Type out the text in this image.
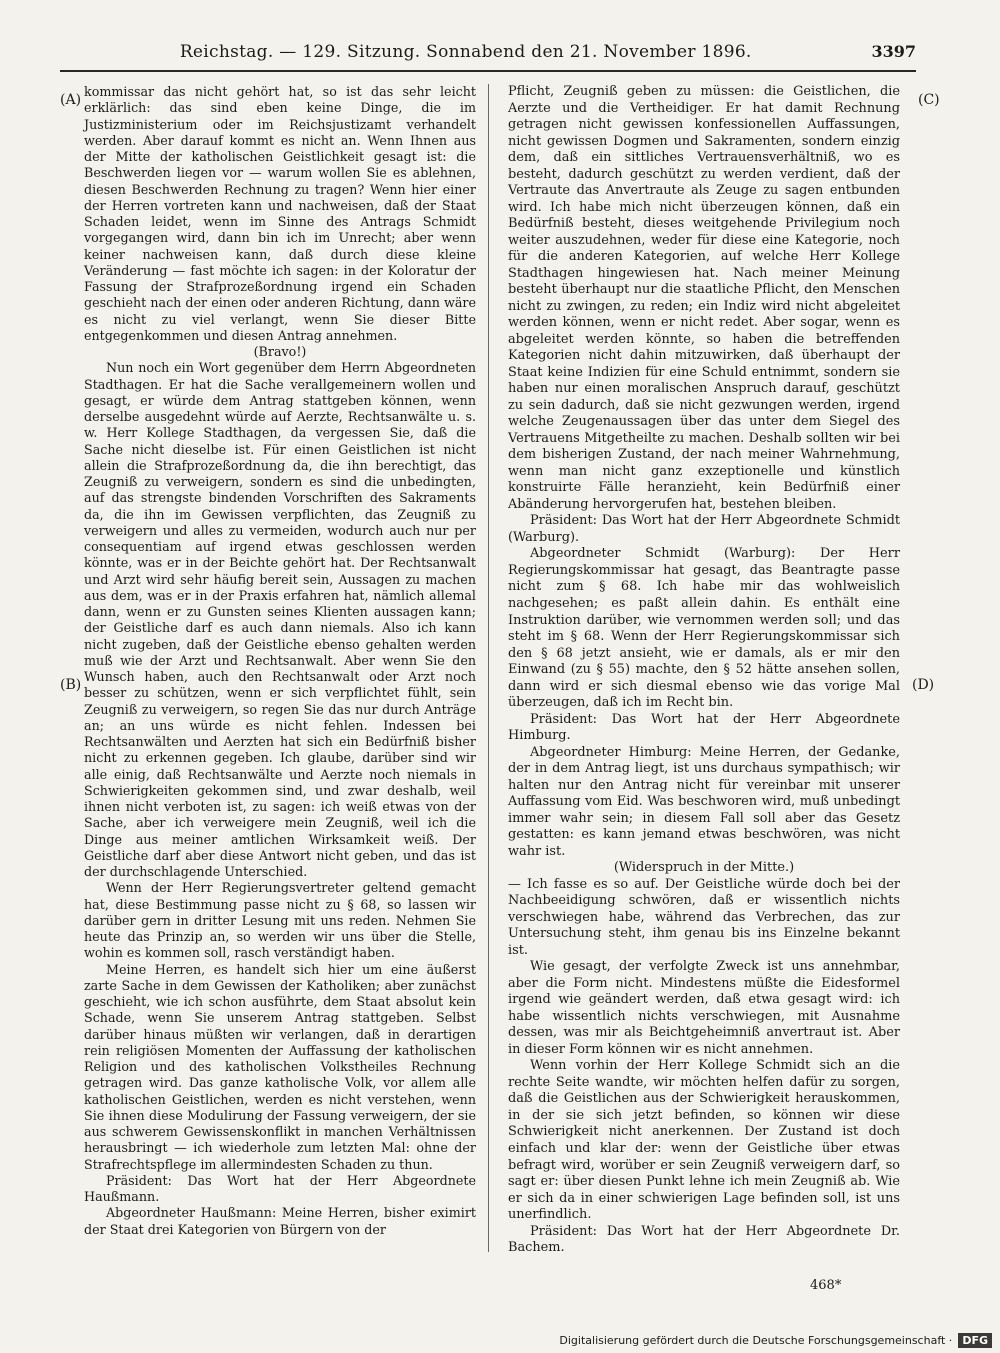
Reichstag. — 129. Sitzung. Sonnabend den 21. November 1896.	3397
(A)
(B)
(C)
(D)

kommissar das nicht gehört hat, so ist das sehr leicht erklärlich: das sind eben keine Dinge, die im Justizministerium oder im Reichsjustizamt verhandelt werden. Aber darauf kommt es nicht an. Wenn Ihnen aus der Mitte der katholischen Geistlichkeit gesagt ist: die Beschwerden liegen vor — warum wollen Sie es ablehnen, diesen Beschwerden Rechnung zu tragen? Wenn hier einer der Herren vortreten kann und nachweisen, daß der Staat Schaden leidet, wenn im Sinne des Antrags Schmidt vorgegangen wird, dann bin ich im Unrecht; aber wenn keiner nachweisen kann, daß durch diese kleine Veränderung — fast möchte ich sagen: in der Koloratur der Fassung der Strafprozeßordnung irgend ein Schaden geschieht nach der einen oder anderen Richtung, dann wäre es nicht zu viel verlangt, wenn Sie dieser Bitte entgegenkommen und diesen Antrag annehmen.

(Bravo!)

Nun noch ein Wort gegenüber dem Herrn Abgeordneten Stadthagen. Er hat die Sache verallgemeinern wollen und gesagt, er würde dem Antrag stattgeben können, wenn derselbe ausgedehnt würde auf Aerzte, Rechtsanwälte u. s. w. Herr Kollege Stadthagen, da vergessen Sie, daß die Sache nicht dieselbe ist. Für einen Geistlichen ist nicht allein die Strafprozeßordnung da, die ihn berechtigt, das Zeugniß zu verweigern, sondern es sind die unbedingten, auf das strengste bindenden Vorschriften des Sakraments da, die ihn im Gewissen verpflichten, das Zeugniß zu verweigern und alles zu vermeiden, wodurch auch nur per consequentiam auf irgend etwas geschlossen werden könnte, was er in der Beichte gehört hat. Der Rechtsanwalt und Arzt wird sehr häufig bereit sein, Aussagen zu machen aus dem, was er in der Praxis erfahren hat, nämlich allemal dann, wenn er zu Gunsten seines Klienten aussagen kann; der Geistliche darf es auch dann niemals. Also ich kann nicht zugeben, daß der Geistliche ebenso gehalten werden muß wie der Arzt und Rechtsanwalt. Aber wenn Sie den Wunsch haben, auch den Rechtsanwalt oder Arzt noch besser zu schützen, wenn er sich verpflichtet fühlt, sein Zeugniß zu verweigern, so regen Sie das nur durch Anträge an; an uns würde es nicht fehlen. Indessen bei Rechtsanwälten und Aerzten hat sich ein Bedürfniß bisher nicht zu erkennen gegeben. Ich glaube, darüber sind wir alle einig, daß Rechtsanwälte und Aerzte noch niemals in Schwierigkeiten gekommen sind, und zwar deshalb, weil ihnen nicht verboten ist, zu sagen: ich weiß etwas von der Sache, aber ich verweigere mein Zeugniß, weil ich die Dinge aus meiner amtlichen Wirksamkeit weiß. Der Geistliche darf aber diese Antwort nicht geben, und das ist der durchschlagende Unterschied.

Wenn der Herr Regierungsvertreter geltend gemacht hat, diese Bestimmung passe nicht zu § 68, so lassen wir darüber gern in dritter Lesung mit uns reden. Nehmen Sie heute das Prinzip an, so werden wir uns über die Stelle, wohin es kommen soll, rasch verständigt haben.

Meine Herren, es handelt sich hier um eine äußerst zarte Sache in dem Gewissen der Katholiken; aber zunächst geschieht, wie ich schon ausführte, dem Staat absolut kein Schade, wenn Sie unserem Antrag stattgeben. Selbst darüber hinaus müßten wir verlangen, daß in derartigen rein religiösen Momenten der Auffassung der katholischen Religion und des katholischen Volkstheiles Rechnung getragen wird. Das ganze katholische Volk, vor allem alle katholischen Geistlichen, werden es nicht verstehen, wenn Sie ihnen diese Modulirung der Fassung verweigern, der sie aus schwerem Gewissenskonflikt in manchen Verhältnissen herausbringt — ich wiederhole zum letzten Mal: ohne der Strafrechtspflege im allermindesten Schaden zu thun.

Präsident: Das Wort hat der Herr Abgeordnete Haußmann.

Abgeordneter Haußmann: Meine Herren, bisher eximirt der Staat drei Kategorien von Bürgern von der

Pflicht, Zeugniß geben zu müssen: die Geistlichen, die Aerzte und die Vertheidiger. Er hat damit Rechnung getragen nicht gewissen konfessionellen Auffassungen, nicht gewissen Dogmen und Sakramenten, sondern einzig dem, daß ein sittliches Vertrauensverhältniß, wo es besteht, dadurch geschützt zu werden verdient, daß der Vertraute das Anvertraute als Zeuge zu sagen entbunden wird. Ich habe mich nicht überzeugen können, daß ein Bedürfniß besteht, dieses weitgehende Privilegium noch weiter auszudehnen, weder für diese eine Kategorie, noch für die anderen Kategorien, auf welche Herr Kollege Stadthagen hingewiesen hat. Nach meiner Meinung besteht überhaupt nur die staatliche Pflicht, den Menschen nicht zu zwingen, zu reden; ein Indiz wird nicht abgeleitet werden können, wenn er nicht redet. Aber sogar, wenn es abgeleitet werden könnte, so haben die betreffenden Kategorien nicht dahin mitzuwirken, daß überhaupt der Staat keine Indizien für eine Schuld entnimmt, sondern sie haben nur einen moralischen Anspruch darauf, geschützt zu sein dadurch, daß sie nicht gezwungen werden, irgend welche Zeugenaussagen über das unter dem Siegel des Vertrauens Mitgetheilte zu machen. Deshalb sollten wir bei dem bisherigen Zustand, der nach meiner Wahrnehmung, wenn man nicht ganz exzeptionelle und künstlich konstruirte Fälle heranzieht, kein Bedürfniß einer Abänderung hervorgerufen hat, bestehen bleiben.

Präsident: Das Wort hat der Herr Abgeordnete Schmidt (Warburg).

Abgeordneter Schmidt (Warburg): Der Herr Regierungskommissar hat gesagt, das Beantragte passe nicht zum § 68. Ich habe mir das wohlweislich nachgesehen; es paßt allein dahin. Es enthält eine Instruktion darüber, wie vernommen werden soll; und das steht im § 68. Wenn der Herr Regierungskommissar sich den § 68 jetzt ansieht, wie er damals, als er mir den Einwand (zu § 55) machte, den § 52 hätte ansehen sollen, dann wird er sich diesmal ebenso wie das vorige Mal überzeugen, daß ich im Recht bin.

Präsident: Das Wort hat der Herr Abgeordnete Himburg.

Abgeordneter Himburg: Meine Herren, der Gedanke, der in dem Antrag liegt, ist uns durchaus sympathisch; wir halten nur den Antrag nicht für vereinbar mit unserer Auffassung vom Eid. Was beschworen wird, muß unbedingt immer wahr sein; in diesem Fall soll aber das Gesetz gestatten: es kann jemand etwas beschwören, was nicht wahr ist.

(Widerspruch in der Mitte.)

— Ich fasse es so auf. Der Geistliche würde doch bei der Nachbeeidigung schwören, daß er wissentlich nichts verschwiegen habe, während das Verbrechen, das zur Untersuchung steht, ihm genau bis ins Einzelne bekannt ist.

Wie gesagt, der verfolgte Zweck ist uns annehmbar, aber die Form nicht. Mindestens müßte die Eidesformel irgend wie geändert werden, daß etwa gesagt wird: ich habe wissentlich nichts verschwiegen, mit Ausnahme dessen, was mir als Beichtgeheimniß anvertraut ist. Aber in dieser Form können wir es nicht annehmen.

Wenn vorhin der Herr Kollege Schmidt sich an die rechte Seite wandte, wir möchten helfen dafür zu sorgen, daß die Geistlichen aus der Schwierigkeit herauskommen, in der sie sich jetzt befinden, so können wir diese Schwierigkeit nicht anerkennen. Der Zustand ist doch einfach und klar der: wenn der Geistliche über etwas befragt wird, worüber er sein Zeugniß verweigern darf, so sagt er: über diesen Punkt lehne ich mein Zeugniß ab. Wie er sich da in einer schwierigen Lage befinden soll, ist uns unerfindlich.

Präsident: Das Wort hat der Herr Abgeordnete Dr. Bachem.

468*
Digitalisierung gefördert durch die Deutsche Forschungsgemeinschaft · DFG
